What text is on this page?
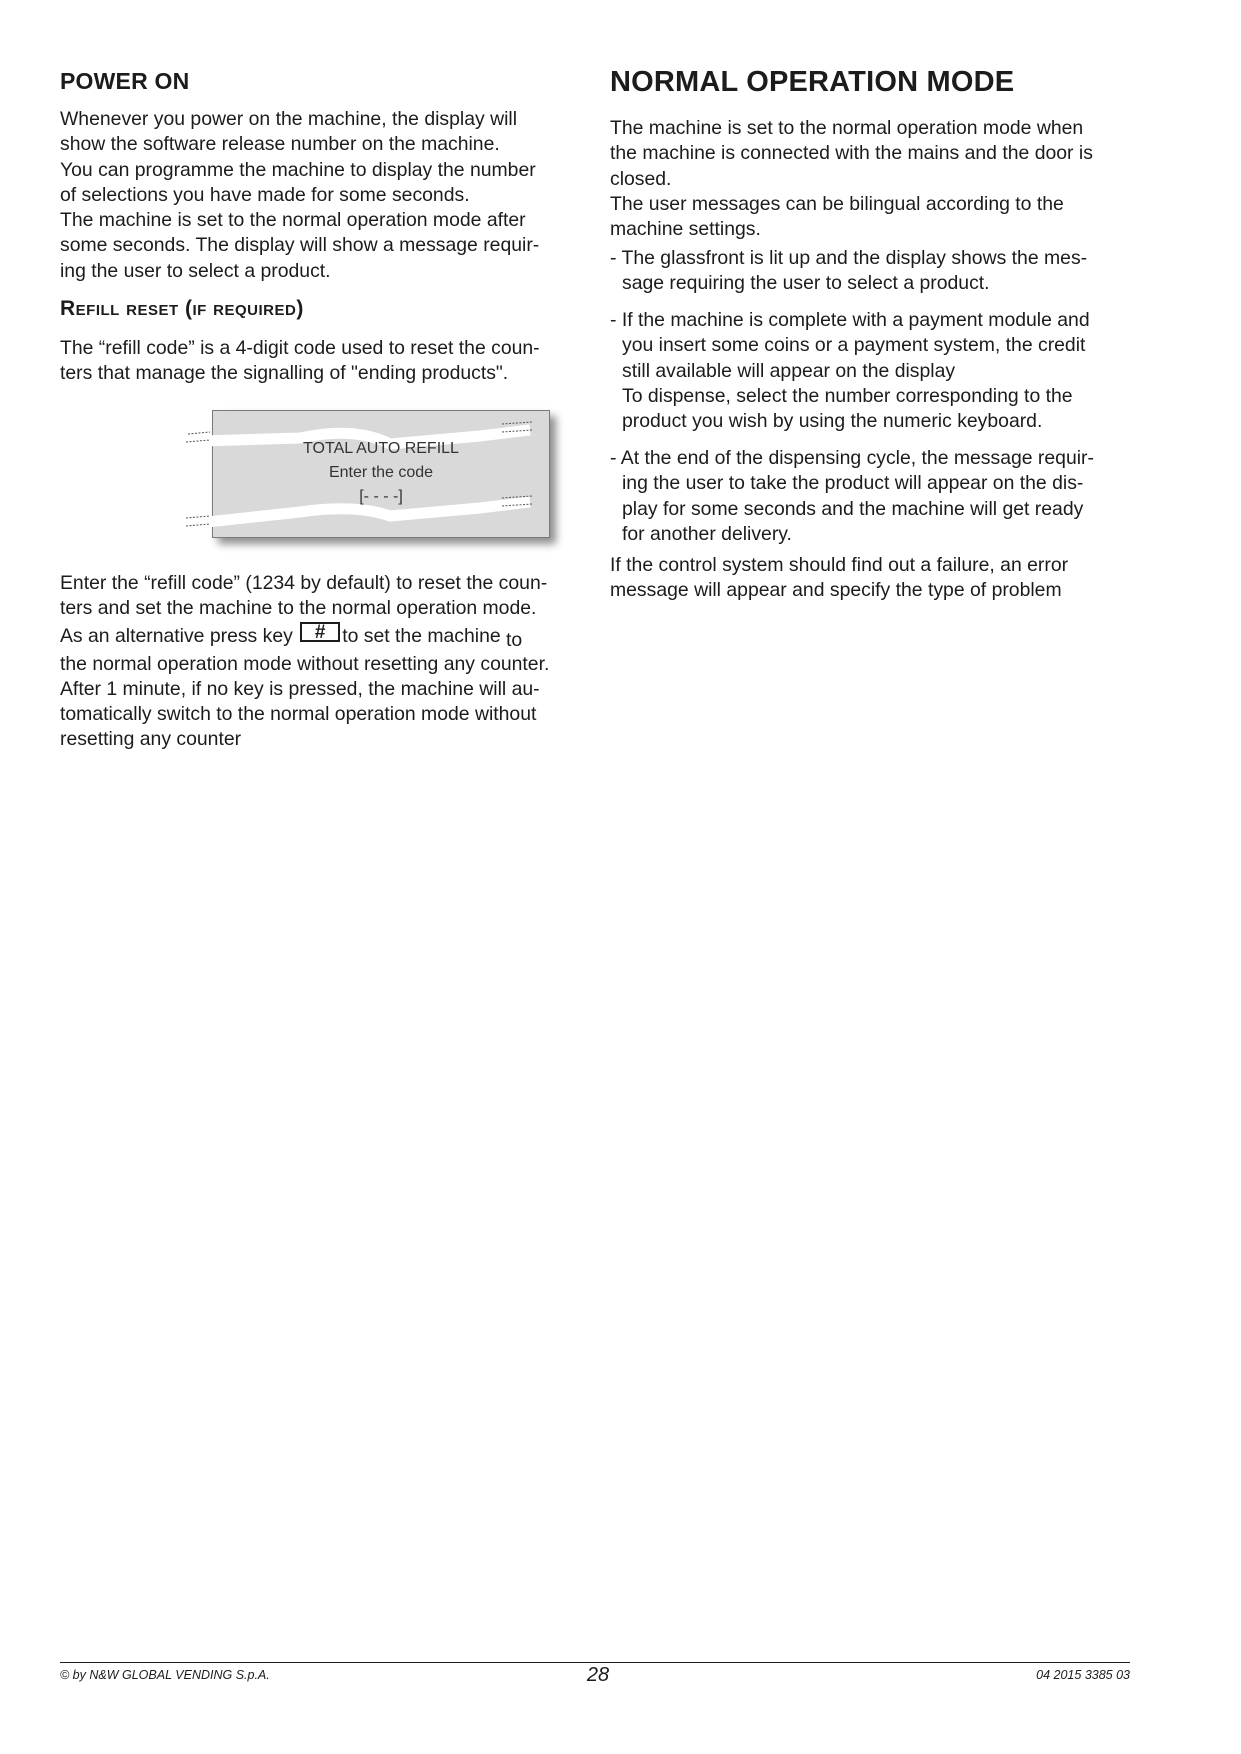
POWER ON
Whenever you power on the machine, the display will
show the software release number on the machine.
You can programme the machine to display the number
of selections you have made for some seconds.
The machine is set to the normal operation mode after
some seconds. The display will show a message requir-
ing the user to select a product.
Refill reset (if required)
The “refill code” is a 4-digit code used to reset the coun-
ters that manage the signalling of "ending products".
TOTAL AUTO REFILL
Enter the code
[- - - -]
Enter the “refill code” (1234 by default) to reset the coun-
ters and set the machine to the normal operation mode.
As an alternative press key # to set the machine to
the normal operation mode without resetting any counter.
After 1 minute, if no key is pressed, the machine will au-
tomatically switch to the normal operation mode without
resetting any counter
NORMAL OPERATION MODE
The machine is set to the normal operation mode when
the machine is connected with the mains and the door is
closed.
The user messages can be bilingual according to the
machine settings.
- The glassfront is lit up and the display shows the mes-
sage requiring the user to select a product.
- If the machine is complete with a payment module and
you insert some coins or a payment system, the credit
still available will appear on the display
To dispense, select the number corresponding to the
product you wish by using the numeric keyboard.
- At the end of the dispensing cycle, the message requir-
ing the user to take the product will appear on the dis-
play for some seconds and the machine will get ready
for another delivery.
If the control system should find out a failure, an error
message will appear and specify the type of problem
© by N&W GLOBAL VENDING S.p.A.	28	04 2015 3385 03
